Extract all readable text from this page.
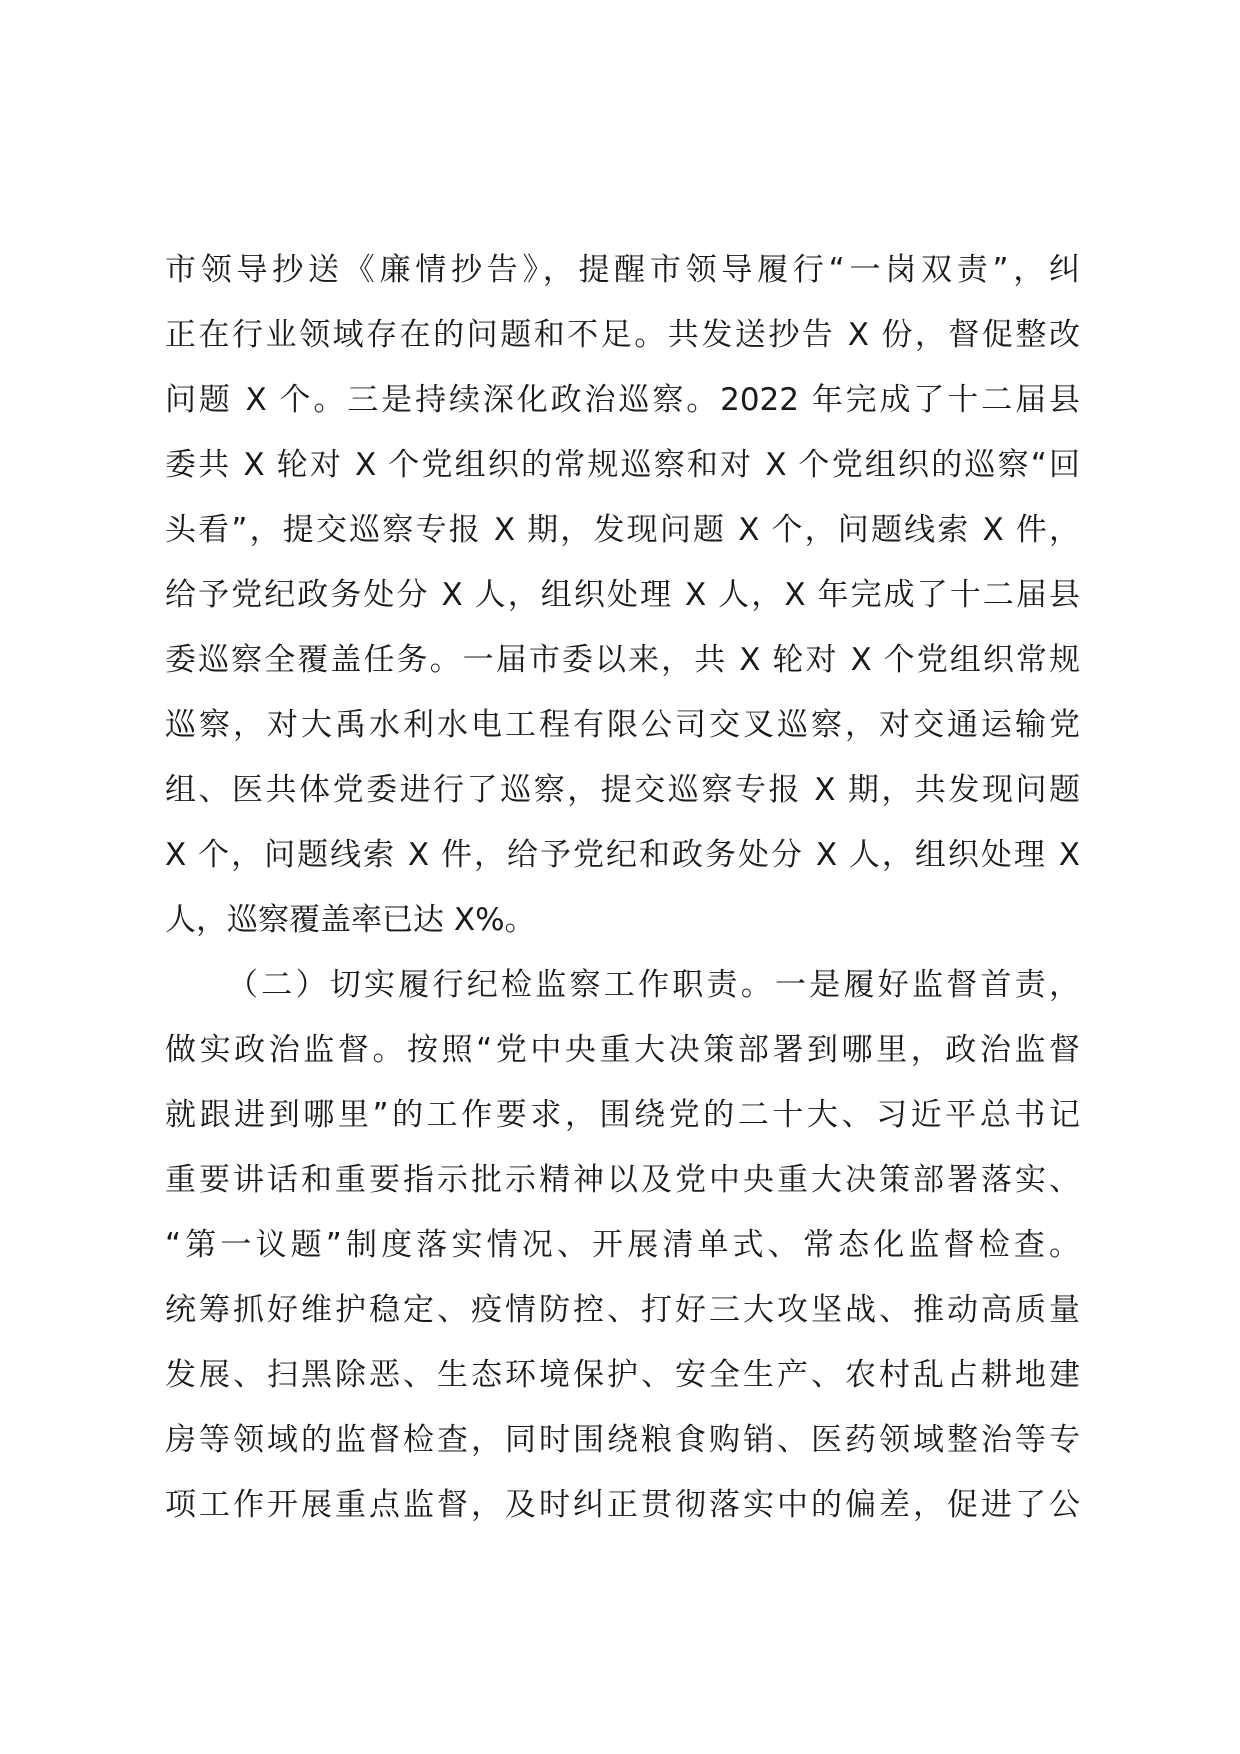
市领导抄送《廉情抄告》，提醒市领导履行“一岗双责”，纠
正在行业领域存在的问题和不足。共发送抄告 X 份，督促整改
问题 X 个。三是持续深化政治巡察。2022 年完成了十二届县
委共 X 轮对 X 个党组织的常规巡察和对 X 个党组织的巡察“回
头看”，提交巡察专报 X 期，发现问题 X 个，问题线索 X 件，
给予党纪政务处分 X 人，组织处理 X 人，X 年完成了十二届县
委巡察全覆盖任务。一届市委以来，共 X 轮对 X 个党组织常规
巡察，对大禹水利水电工程有限公司交叉巡察，对交通运输党
组、医共体党委进行了巡察，提交巡察专报 X 期，共发现问题
X 个，问题线索 X 件，给予党纪和政务处分 X 人，组织处理 X
人，巡察覆盖率已达 X%。
（二）切实履行纪检监察工作职责。一是履好监督首责，
做实政治监督。按照“党中央重大决策部署到哪里，政治监督
就跟进到哪里”的工作要求，围绕党的二十大、习近平总书记
重要讲话和重要指示批示精神以及党中央重大决策部署落实、
“第一议题”制度落实情况、开展清单式、常态化监督检查。
统筹抓好维护稳定、疫情防控、打好三大攻坚战、推动高质量
发展、扫黑除恶、生态环境保护、安全生产、农村乱占耕地建
房等领域的监督检查，同时围绕粮食购销、医药领域整治等专
项工作开展重点监督，及时纠正贯彻落实中的偏差，促进了公
